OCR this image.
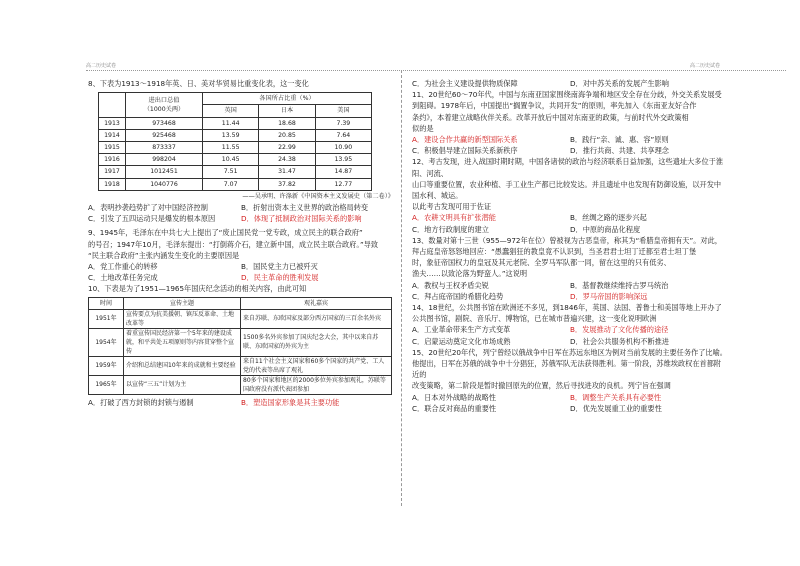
高二历史试卷	高二历史试卷

8、下表为1913～1918年英、日、美对华贸易比重变化表，这一变化

	进出口总值
（1000关两）	各国所占比重（%）		
		英国	日本	美国
1913	973468	11.44	18.68	7.39
1914	925468	13.59	20.85	7.64
1915	873337	11.55	22.99	10.90
1916	998204	10.45	24.38	13.95
1917	1012451	7.51	31.47	14.87
1918	1040776	7.07	37.82	12.77
——吴承明、许涤新《中国资本主义发展史（第二卷）》
A．表明抄袭趋势扩了对中国经济控制	B．折射出资本主义世界的政治格局转变
C．引发了五四运动只是爆发的根本原因	D．体现了抵制政治对国际关系的影响

9、1945年，毛泽东在中共七大上提出了“废止国民党一党专政，成立民主的联合政府”

的号召；1947年10月，毛泽东提出：“打倒蒋介石，建立新中国，成立民主联合政府。”导致

“民主联合政府”主张内涵发生变化的主要原因是

A．党工作重心的转移	B．国民党主力已被歼灭
C．土地改革任务完成	D．民主革命的胜利发展

10、下表是为了1951—1965年国庆纪念活动的相关内容，由此可知

时间	宣传主题	观礼嘉宾
1951年	宣传要点为抗美援朝、镇压反革命、土地改革等	来自苏联、东欧国家及部分西方国家的三百余名外宾
1954年	着重宣传国民经济第一个5年来的建设成就，和平共处五项原则等内容贯穿整个宣传	1500多名外宾参加了国庆纪念大会，其中以来自苏联、东欧国家的外宾为主
1959年	介绍和总结建国10年来的成就和主要经验	来自11个社会主义国家和60多个国家的共产党、工人党的代表等出席了观礼
1965年	以宣传“三五”计划为主	80多个国家和地区的2000多位外宾参加观礼，苏联等国政府没有派代表团参加
A．打破了西方封锁的封锁与遏制	B．塑造国家形象是其主要功能
C．为社会主义建设提供物质保障	D．对中苏关系的发展产生影响

11、20世纪60～70年代，中国与东南亚国家围绕南海争端和地区安全存在分歧，外交关系发展受

到阻碍。1978年后，中国提出“搁置争议，共同开发”的原则，率先加入《东南亚友好合作

条约》，本着建立战略伙伴关系。改革开放后中国对东南亚的政策，与前时代外交政策相

似的是

A．建设合作共赢的新型国际关系	B．践行“亲、诚、惠、容”原则
C．积极倡导建立国际关系新秩序	D．推行共商、共建、共享理念

12、考古发现，进入战国时期时期，中国各诸侯的政治与经济联系日益加强，这些遗址大多位于淮阳、河流、

山口等重要位置，农业种植、手工业生产都已比较发达。并且遗址中也发现有防御设施，以开发中国水利、城运。

以此考古发现可用于佐证

A．农耕文明具有扩张潜能	B．丝绸之路的逐步兴起
C．地方行政制度的建立	D．中原的商品化程度

13、数量对第十三世（955—972年在位）曾被视为古恶皇帝，称其为“希腊皇帝拥有天”。对此，

拜占庭皇帝怒怒地回应：“愚蠢猖狂的教皇竟不认识到，当圣君君士坦丁迁都至君士坦丁堡

时，象征帝国权力的皇冠及其元老院、全罗马军队都一同，留在这里的只有低劣、

渔夫……以致沦落为野蛮人。”这说明

A．教权与王权矛盾尖锐	B．基督教继续维持古罗马统治
C．拜占庭帝国的希腊化趋势	D．罗马帝国的影响深远

14、18世纪，公共图书馆在欧洲还不多见，到1846年，英国、法国、普鲁士和美国等地上开办了

公共图书馆，剧院、音乐厅、博物馆，已在城市普遍兴建，这一变化说明欧洲

A．工业革命带来生产方式变革	B．发展推动了文化传播的途径
C．启蒙运动奠定文化市场成熟	D．社会公共服务机构不断推进

15、20世纪20年代，列宁曾经以俄战争中日军在苏远东地区为例对当前发展的主要任务作了比喻。

他提出，日军在苏俄的战争中十分猖狂，苏俄军队无法获得胜利。第一阶段，苏维埃政权在首都附近的

改变策略，第二阶段是暂时撤回原先的位置，然后寻找进攻的良机。列宁旨在强调

A．日本对外战略的战略性	B．调整生产关系具有必要性
C．联合反对商品的重要性	D．优先发展重工业的重要性
